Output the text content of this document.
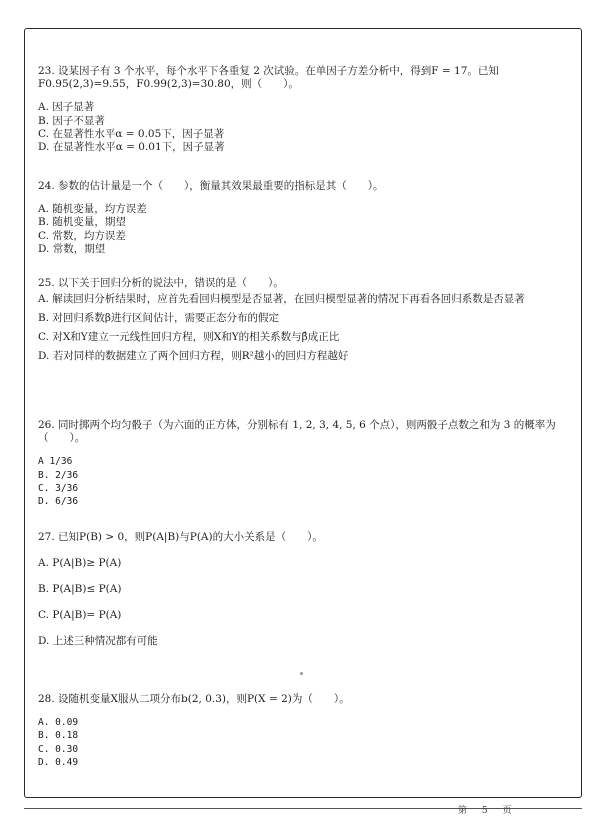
23. 设某因子有 3 个水平，每个水平下各重复 2 次试验。在单因子方差分析中，得到F = 17。已知 F0.95(2,3)=9.55，F0.99(2,3)=30.80，则（　　）。

A. 因子显著

B. 因子不显著

C. 在显著性水平α = 0.05下，因子显著

D. 在显著性水平α = 0.01下，因子显著

24. 参数的估计量是一个（　　），衡量其效果最重要的指标是其（　　）。

A. 随机变量，均方误差

B. 随机变量，期望

C. 常数，均方误差

D. 常数，期望

25. 以下关于回归分析的说法中，错误的是（　　）。

A. 解读回归分析结果时，应首先看回归模型是否显著，在回归模型显著的情况下再看各回归系数是否显著

B. 对回归系数β进行区间估计，需要正态分布的假定

C. 对X和Y建立一元线性回归方程，则X和Y的相关系数与β̂成正比

D. 若对同样的数据建立了两个回归方程，则R²越小的回归方程越好

26. 同时掷两个均匀骰子（为六面的正方体，分别标有 1, 2, 3, 4, 5, 6 个点），则两骰子点数之和为 3 的概率为（　　）。

A 1/36

B. 2/36

C. 3/36

D. 6/36

27. 已知P(B) > 0，则P(A|B)与P(A)的大小关系是（　　）。

A. P(A|B)≥ P(A)

B. P(A|B)≤ P(A)

C. P(A|B)= P(A)

D. 上述三种情况都有可能

28. 设随机变量X服从二项分布b(2, 0.3)，则P(X = 2)为（　　）。

A. 0.09

B. 0.18

C. 0.30

D. 0.49

第 5 页
